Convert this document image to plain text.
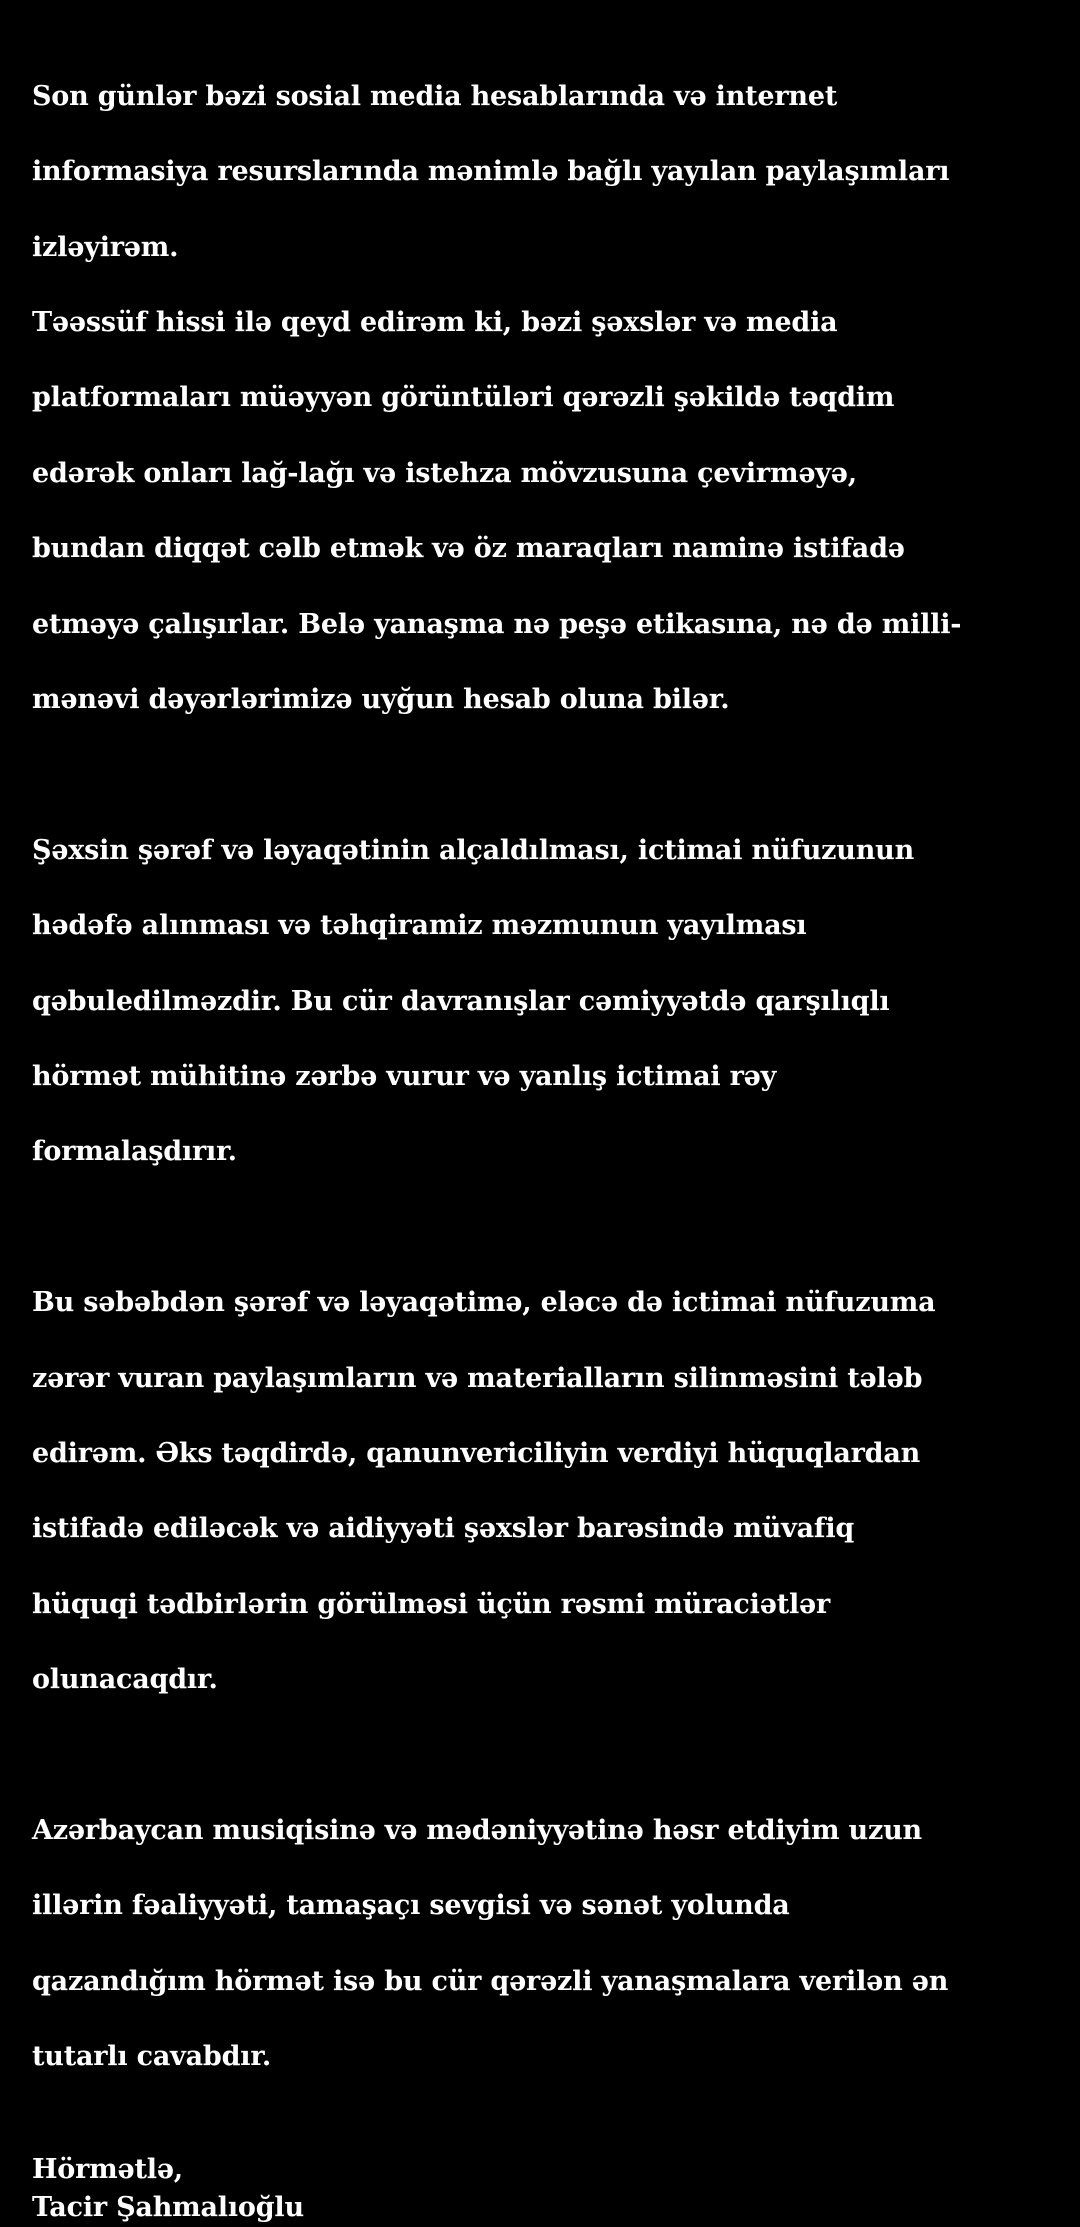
Son günlər bəzi sosial media hesablarında və internet

informasiya resurslarında mənimlə bağlı yayılan paylaşımları

izləyirəm.

Təəssüf hissi ilə qeyd edirəm ki, bəzi şəxslər və media

platformaları müəyyən görüntüləri qərəzli şəkildə təqdim

edərək onları lağ-lağı və istehza mövzusuna çevirməyə,

bundan diqqət cəlb etmək və öz maraqları naminə istifadə

etməyə çalışırlar. Belə yanaşma nə peşə etikasına, nə də milli-

mənəvi dəyərlərimizə uyğun hesab oluna bilər.

Şəxsin şərəf və ləyaqətinin alçaldılması, ictimai nüfuzunun

hədəfə alınması və təhqiramiz məzmunun yayılması

qəbuledilməzdir. Bu cür davranışlar cəmiyyətdə qarşılıqlı

hörmət mühitinə zərbə vurur və yanlış ictimai rəy

formalaşdırır.

Bu səbəbdən şərəf və ləyaqətimə, eləcə də ictimai nüfuzuma

zərər vuran paylaşımların və materialların silinməsini tələb

edirəm. Əks təqdirdə, qanunvericiliyin verdiyi hüquqlardan

istifadə ediləcək və aidiyyəti şəxslər barəsində müvafiq

hüquqi tədbirlərin görülməsi üçün rəsmi müraciətlər

olunacaqdır.

Azərbaycan musiqisinə və mədəniyyətinə həsr etdiyim uzun

illərin fəaliyyəti, tamaşaçı sevgisi və sənət yolunda

qazandığım hörmət isə bu cür qərəzli yanaşmalara verilən ən

tutarlı cavabdır.

Hörmətlə,
Tacir Şahmalıoğlu
